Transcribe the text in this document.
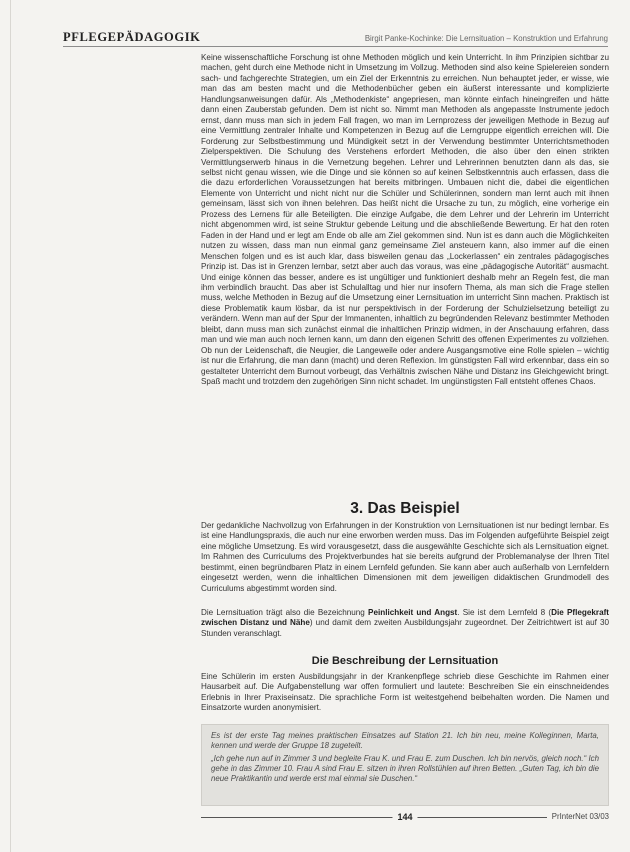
PFLEGEPÄDAGOGIK	Birgit Panke-Kochinke: Die Lernsituation – Konstruktion und Erfahrung

Keine wissenschaftliche Forschung ist ohne Methoden möglich und kein Unterricht. In ihm Prinzipien sichtbar zu machen, geht durch eine Methode nicht in Umsetzung im Vollzug. Methoden sind also keine Spielereien sondern sach- und fachgerechte Strategien, um ein Ziel der Erkenntnis zu erreichen. Nun behauptet jeder, er wisse, wie man das am besten macht und die Methodenbücher geben ein äußerst interessante und komplizierte Handlungsanweisungen dafür. Als „Methodenkiste“ angepriesen, man könnte einfach hineingreifen und hätte dann einen Zauberstab gefunden. Dem ist nicht so. Nimmt man Methoden als angepasste Instrumente jedoch ernst, dann muss man sich in jedem Fall fragen, wo man im Lernprozess der jeweiligen Methode in Bezug auf eine Vermittlung zentraler Inhalte und Kompetenzen in Bezug auf die Lerngruppe eigentlich erreichen will. Die Forderung zur Selbstbestimmung und Mündigkeit setzt in der Verwendung bestimmter Unterrichtsmethoden Zielperspektiven. Die Schulung des Verstehens erfordert Methoden, die also über den einen strikten Vermittlungserwerb hinaus in die Vernetzung begehen. Lehrer und Lehrerinnen benutzten dann als das, sie selbst nicht genau wissen, wie die Dinge und sie können so auf keinen Selbstkenntnis auch erfassen, dass die die dazu erforderlichen Voraussetzungen hat bereits mitbringen. Umbauen nicht die, dabei die eigentlichen Elemente von Unterricht und nicht nicht nur die Schüler und Schülerinnen, sondern man lernt auch mit ihnen gemeinsam, lässt sich von ihnen belehren. Das heißt nicht die Ursache zu tun, zu möglich, eine vorherige ein Prozess des Lernens für alle Beteiligten. Die einzige Aufgabe, die dem Lehrer und der Lehrerin im Unterricht nicht abgenommen wird, ist seine Struktur gebende Leitung und die abschließende Bewertung. Er hat den roten Faden in der Hand und er legt am Ende ob alle am Ziel gekommen sind. Nun ist es dann auch die Möglichkeiten nutzen zu wissen, dass man nun einmal ganz gemeinsame Ziel ansteuern kann, also immer auf die einen Menschen folgen und es ist auch klar, dass bisweilen genau das „Lockerlassen“ ein zentrales pädagogisches Prinzip ist. Das ist in Grenzen lernbar, setzt aber auch das voraus, was eine „pädagogische Autorität“ ausmacht. Und einige können das besser, andere es ist ungültiger und funktioniert deshalb mehr an Regeln fest, die man ihm verbindlich braucht. Das aber ist Schulalltag und hier nur insofern Thema, als man sich die Frage stellen muss, welche Methoden in Bezug auf die Umsetzung einer Lernsituation im unterricht Sinn machen. Praktisch ist diese Problematik kaum lösbar, da ist nur perspektivisch in der Forderung der Schulzielsetzung beteiligt zu verändern. Wenn man auf der Spur der Immanenten, inhaltlich zu begründenden Relevanz bestimmter Methoden bleibt, dann muss man sich zunächst einmal die inhaltlichen Prinzip widmen, in der Anschauung erfahren, dass man und wie man auch noch lernen kann, um dann den eigenen Schritt des offenen Experimentes zu vollziehen. Ob nun der Leidenschaft, die Neugier, die Langeweile oder andere Ausgangsmotive eine Rolle spielen – wichtig ist nur die Erfahrung, die man dann (macht) und deren Reflexion. Im günstigsten Fall wird erkennbar, dass ein so gestalteter Unterricht dem Burnout vorbeugt, das Verhältnis zwischen Nähe und Distanz ins Gleichgewicht bringt. Spaß macht und trotzdem den zugehörigen Sinn nicht schadet. Im ungünstigsten Fall entsteht offenes Chaos.

3. Das Beispiel

Der gedankliche Nachvollzug von Erfahrungen in der Konstruktion von Lernsituationen ist nur bedingt lernbar. Es ist eine Handlungspraxis, die auch nur eine erworben werden muss. Das im Folgenden aufgeführte Beispiel zeigt eine mögliche Umsetzung. Es wird vorausgesetzt, dass die ausgewählte Geschichte sich als Lernsituation eignet. Im Rahmen des Curriculums des Projektverbundes hat sie bereits aufgrund der Problemanalyse der Ihren Titel bestimmt, einen begründbaren Platz in einem Lernfeld gefunden. Sie kann aber auch außerhalb von Lernfeldern eingesetzt werden, wenn die inhaltlichen Dimensionen mit dem jeweiligen didaktischen Grundmodell des Curriculums abgestimmt worden sind.

Die Lernsituation trägt also die Bezeichnung Peinlichkeit und Angst. Sie ist dem Lernfeld 8 (Die Pflegekraft zwischen Distanz und Nähe) und damit dem zweiten Ausbildungsjahr zugeordnet. Der Zeitrichtwert ist auf 30 Stunden veranschlagt.

Die Beschreibung der Lernsituation

Eine Schülerin im ersten Ausbildungsjahr in der Krankenpflege schrieb diese Geschichte im Rahmen einer Hausarbeit auf. Die Aufgabenstellung war offen formuliert und lautete: Beschreiben Sie ein einschneidendes Erlebnis in Ihrer Praxiseinsatz. Die sprachliche Form ist weitestgehend beibehalten worden. Die Namen und Einsatzorte wurden anonymisiert.

Es ist der erste Tag meines praktischen Einsatzes auf Station 21. Ich bin neu, meine Kolleginnen, Marta, kennen und werde der Gruppe 18 zugeteilt.

„Ich gehe nun auf in Zimmer 3 und begleite Frau K. und Frau E. zum Duschen. Ich bin nervös, gleich noch.“ Ich gehe in das Zimmer 10. Frau A sind Frau E. sitzen in ihren Rollstühlen auf ihren Betten. „Guten Tag, ich bin die neue Praktikantin und werde erst mal einmal sie Duschen.“

144	PrInterNet 03/03
